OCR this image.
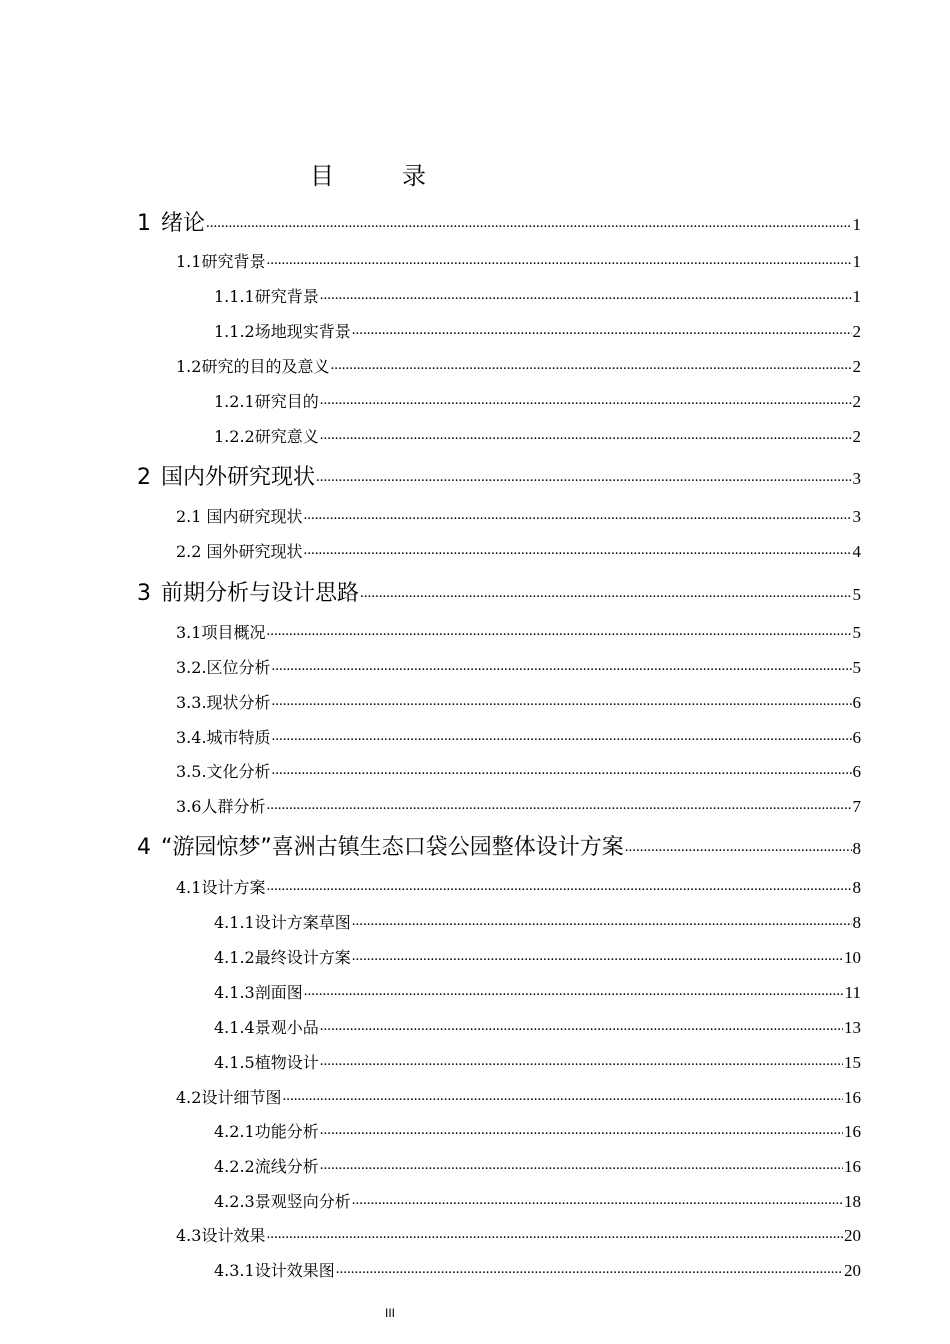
目　录
1 绪论 .....	1
1.1研究背景 .....	1
1.1.1研究背景 .....	1
1.1.2场地现实背景 .....	2
1.2研究的目的及意义 .....	2
1.2.1研究目的 .....	2
1.2.2研究意义 .....	2
2 国内外研究现状 .....	3
2.1 国内研究现状 .....	3
2.2 国外研究现状 .....	4
3 前期分析与设计思路 .....	5
3.1项目概况 .....	5
3.2.区位分析 .....	5
3.3.现状分析 .....	6
3.4.城市特质 .....	6
3.5.文化分析 .....	6
3.6人群分析 .....	7
4 “游园惊梦”喜洲古镇生态口袋公园整体设计方案 .....	8
4.1设计方案 .....	8
4.1.1设计方案草图 .....	8
4.1.2最终设计方案 .....	10
4.1.3剖面图 .....	11
4.1.4景观小品 .....	13
4.1.5植物设计 .....	15
4.2设计细节图 .....	16
4.2.1功能分析 .....	16
4.2.2流线分析 .....	16
4.2.3景观竖向分析 .....	18
4.3设计效果 .....	20
4.3.1设计效果图 .....	20
III
